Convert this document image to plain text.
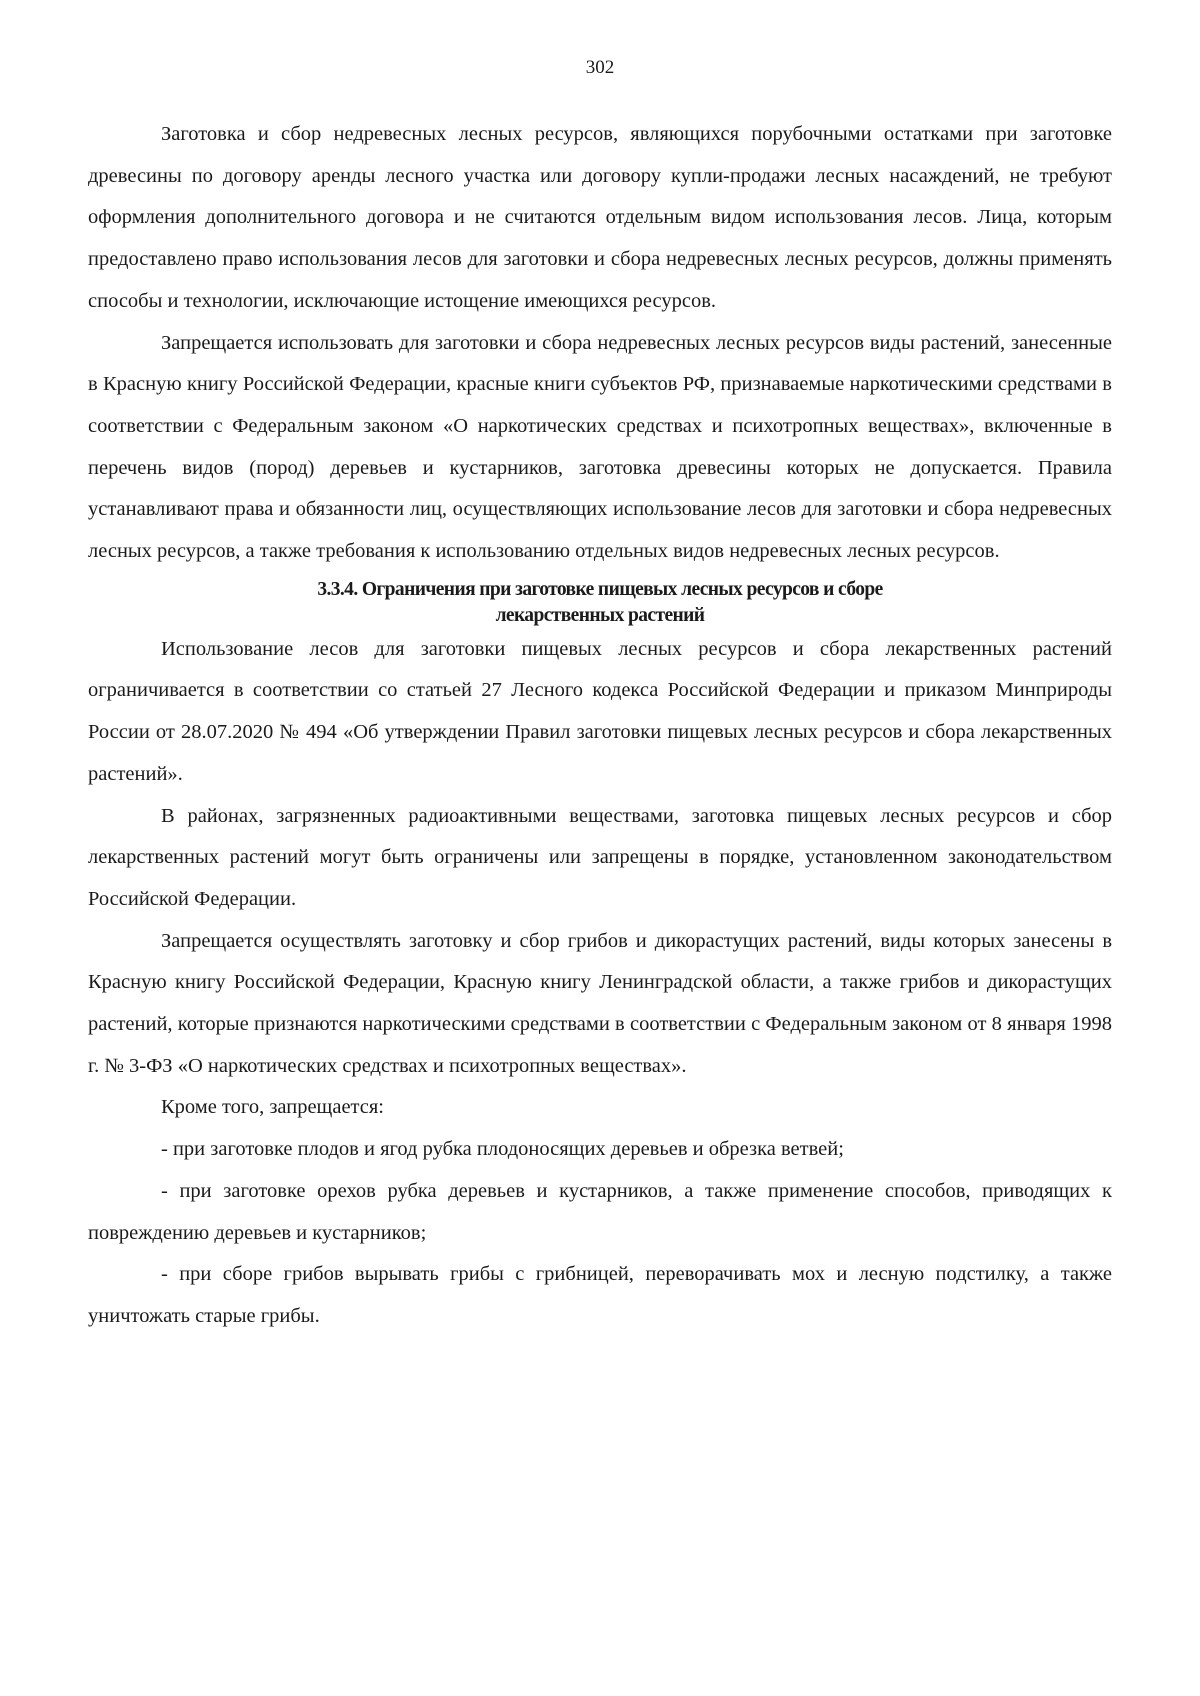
302

Заготовка и сбор недревесных лесных ресурсов, являющихся порубочными остатками при заготовке древесины по договору аренды лесного участка или договору купли-продажи лесных насаждений, не требуют оформления дополнительного договора и не считаются отдельным видом использования лесов. Лица, которым предоставлено право использования лесов для заготовки и сбора недревесных лесных ресурсов, должны применять способы и технологии, исключающие истощение имеющихся ресурсов.

Запрещается использовать для заготовки и сбора недревесных лесных ресурсов виды растений, занесенные в Красную книгу Российской Федерации, красные книги субъектов РФ, признаваемые наркотическими средствами в соответствии с Федеральным законом «О наркотических средствах и психотропных веществах», включенные в перечень видов (пород) деревьев и кустарников, заготовка древесины которых не допускается. Правила устанавливают права и обязанности лиц, осуществляющих использование лесов для заготовки и сбора недревесных лесных ресурсов, а также требования к использованию отдельных видов недревесных лесных ресурсов.

3.3.4. Ограничения при заготовке пищевых лесных ресурсов и сборе
лекарственных растений

Использование лесов для заготовки пищевых лесных ресурсов и сбора лекарственных растений ограничивается в соответствии со статьей 27 Лесного кодекса Российской Федерации и приказом Минприроды России от 28.07.2020 № 494 «Об утверждении Правил заготовки пищевых лесных ресурсов и сбора лекарственных растений».

В районах, загрязненных радиоактивными веществами, заготовка пищевых лесных ресурсов и сбор лекарственных растений могут быть ограничены или запрещены в порядке, установленном законодательством Российской Федерации.

Запрещается осуществлять заготовку и сбор грибов и дикорастущих растений, виды которых занесены в Красную книгу Российской Федерации, Красную книгу Ленинградской области, а также грибов и дикорастущих растений, которые признаются наркотическими средствами в соответствии с Федеральным законом от 8 января 1998 г. № 3-ФЗ «О наркотических средствах и психотропных веществах».

Кроме того, запрещается:

- при заготовке плодов и ягод рубка плодоносящих деревьев и обрезка ветвей;

- при заготовке орехов рубка деревьев и кустарников, а также применение способов, приводящих к повреждению деревьев и кустарников;

- при сборе грибов вырывать грибы с грибницей, переворачивать мох и лесную подстилку, а также уничтожать старые грибы.
